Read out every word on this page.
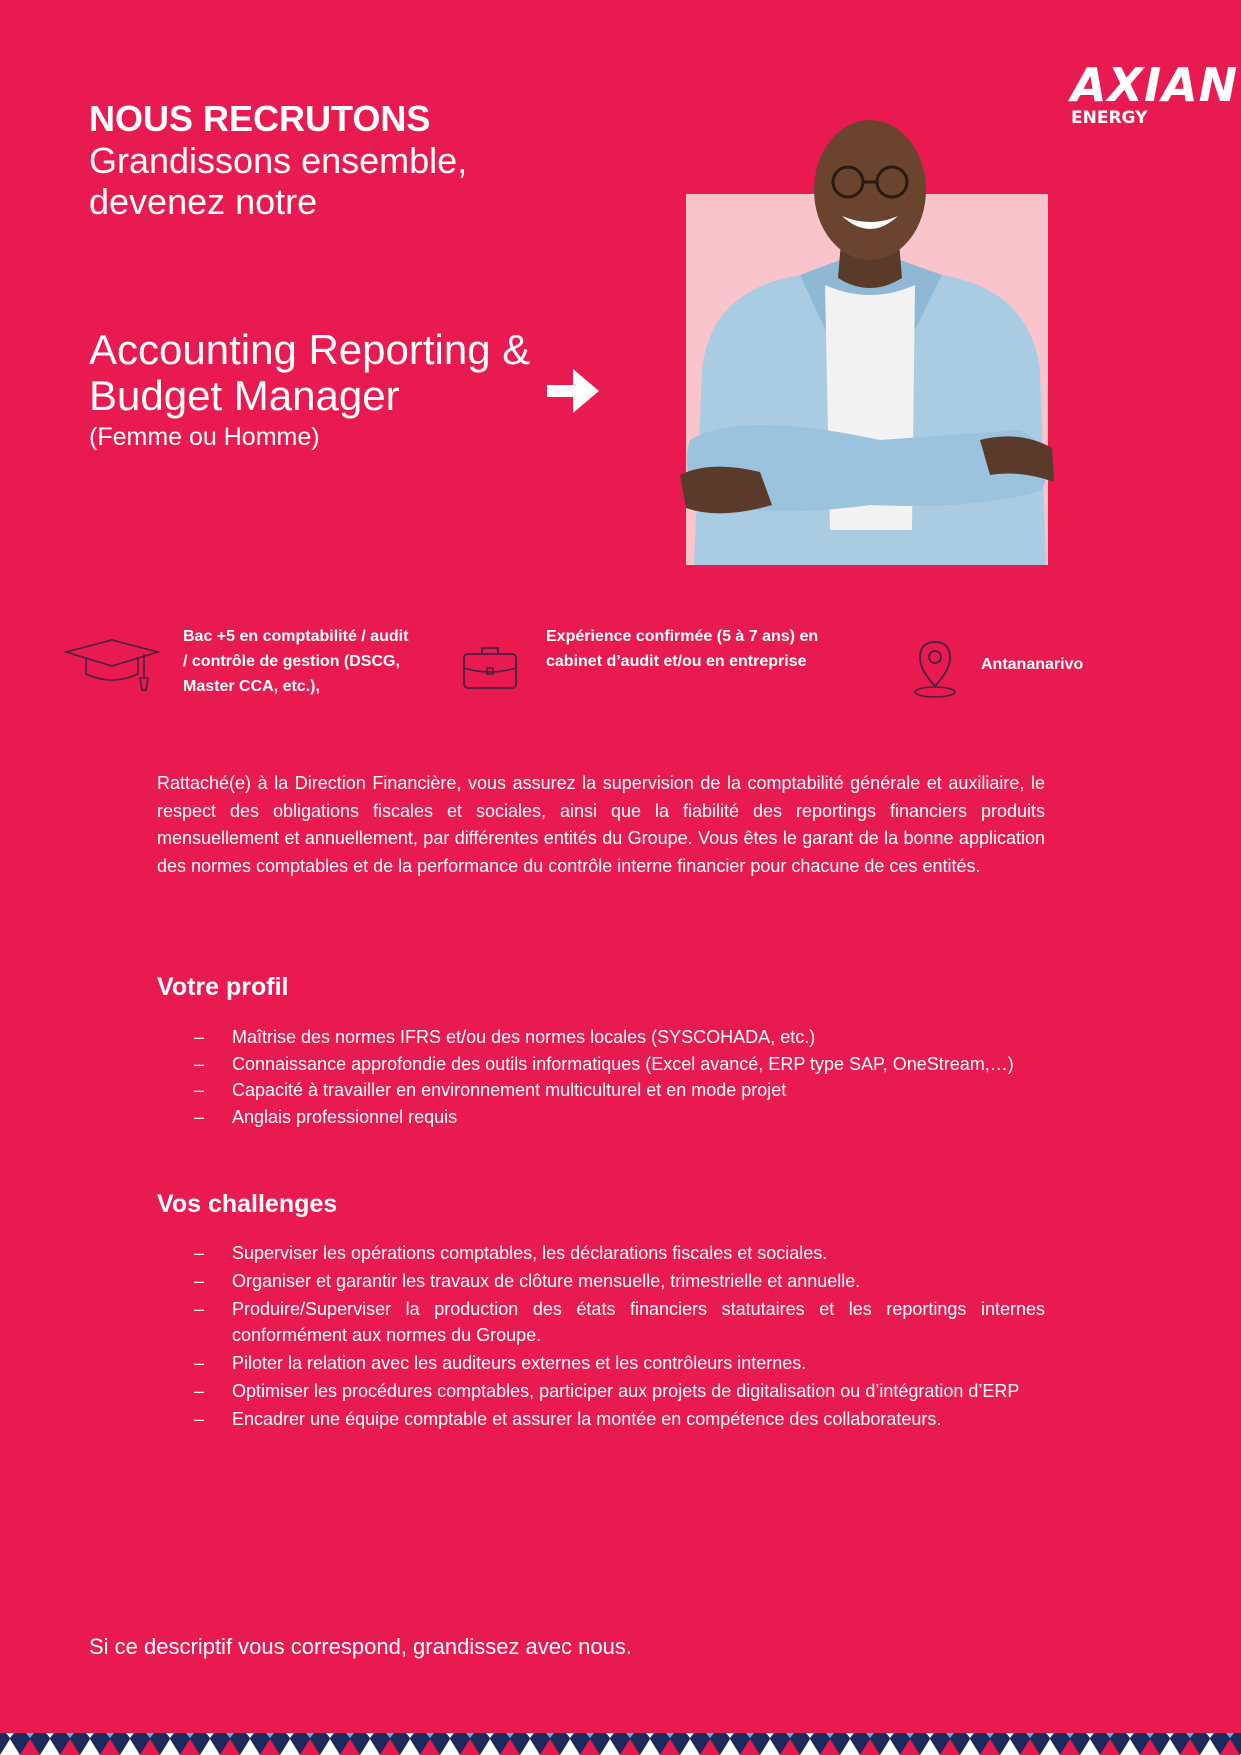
AXIAN
ENERGY
NOUS RECRUTONS
Grandissons ensemble,
devenez notre
Accounting Reporting &
Budget Manager
(Femme ou Homme)
Bac +5 en comptabilité / audit
/ contrôle de gestion (DSCG,
Master CCA, etc.),
Expérience confirmée (5 à 7 ans) en
cabinet d’audit et/ou en entreprise	Antananarivo
Rattaché(e) à la Direction Financière, vous assurez la supervision de la comptabilité générale et auxiliaire, le respect des obligations fiscales et sociales, ainsi que la fiabilité des reportings financiers produits mensuellement et annuellement, par différentes entités du Groupe. Vous êtes le garant de la bonne application des normes comptables et de la performance du contrôle interne financier pour chacune de ces entités.
Votre profil
– Maîtrise des normes IFRS et/ou des normes locales (SYSCOHADA, etc.)
– Connaissance approfondie des outils informatiques (Excel avancé, ERP type SAP, OneStream,…)
– Capacité à travailler en environnement multiculturel et en mode projet
– Anglais professionnel requis
Vos challenges
– Superviser les opérations comptables, les déclarations fiscales et sociales.
– Organiser et garantir les travaux de clôture mensuelle, trimestrielle et annuelle.
– Produire/Superviser la production des états financiers statutaires et les reportings internes conformément aux normes du Groupe.
– Piloter la relation avec les auditeurs externes et les contrôleurs internes.
– Optimiser les procédures comptables, participer aux projets de digitalisation ou d’intégration d’ERP
– Encadrer une équipe comptable et assurer la montée en compétence des collaborateurs.
Si ce descriptif vous correspond, grandissez avec nous.
